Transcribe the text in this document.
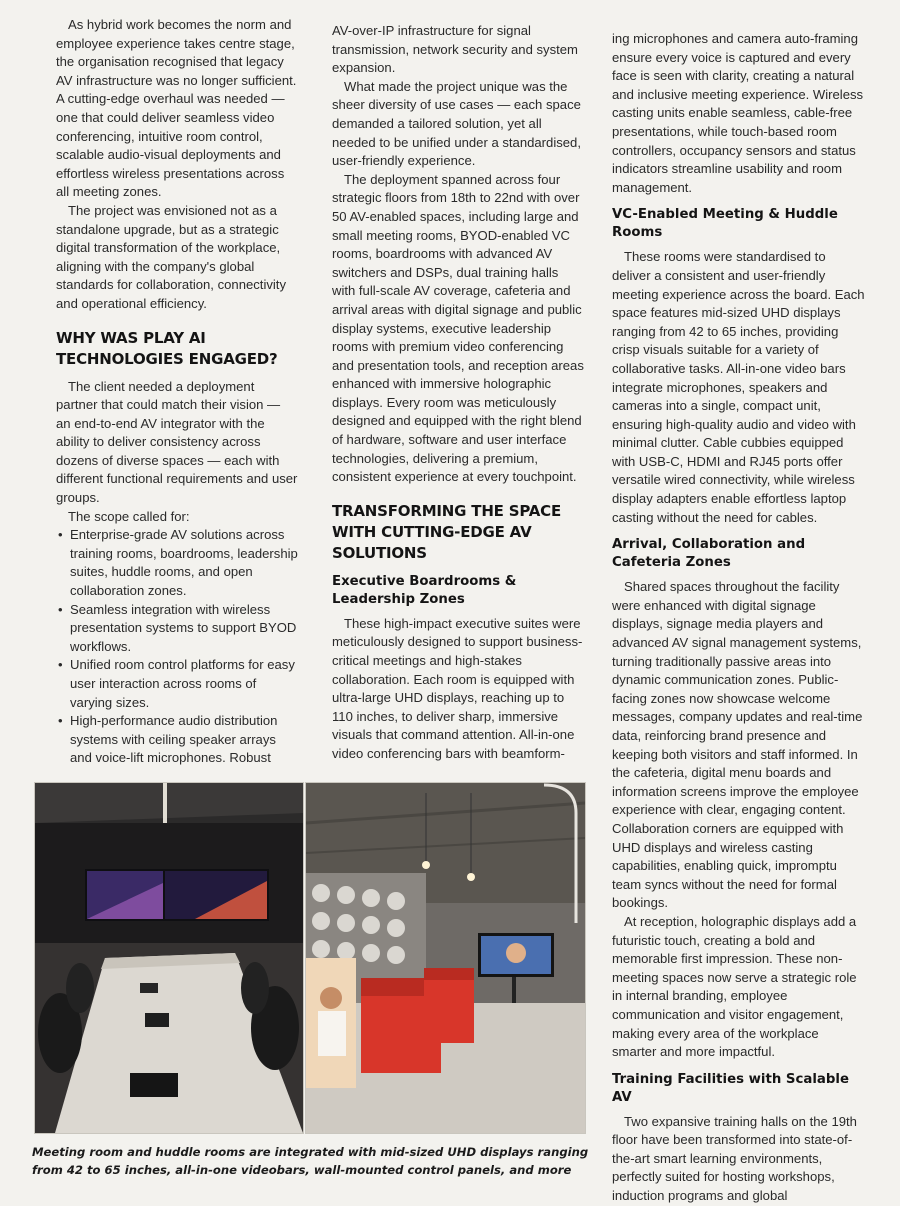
As hybrid work becomes the norm and employee experience takes centre stage, the organisation recognised that legacy AV infrastructure was no longer sufficient. A cutting-edge overhaul was needed — one that could deliver seamless video conferencing, intuitive room control, scalable audio-visual deployments and effortless wireless presentations across all meeting zones.

The project was envisioned not as a standalone upgrade, but as a strategic digital transformation of the workplace, aligning with the company's global standards for collaboration, connectivity and operational efficiency.

WHY WAS PLAY AI TECHNOLOGIES ENGAGED?

The client needed a deployment partner that could match their vision — an end-to-end AV integrator with the ability to deliver consistency across dozens of diverse spaces — each with different functional requirements and user groups.

The scope called for:

• Enterprise-grade AV solutions across training rooms, boardrooms, leadership suites, huddle rooms, and open collaboration zones.
• Seamless integration with wireless presentation systems to support BYOD workflows.
• Unified room control platforms for easy user interaction across rooms of varying sizes.
• High-performance audio distribution systems with ceiling speaker arrays and voice-lift microphones. Robust

AV-over-IP infrastructure for signal transmission, network security and system expansion.

What made the project unique was the sheer diversity of use cases — each space demanded a tailored solution, yet all needed to be unified under a standardised, user-friendly experience.

The deployment spanned across four strategic floors from 18th to 22nd with over 50 AV-enabled spaces, including large and small meeting rooms, BYOD-enabled VC rooms, boardrooms with advanced AV switchers and DSPs, dual training halls with full-scale AV coverage, cafeteria and arrival areas with digital signage and public display systems, executive leadership rooms with premium video conferencing and presentation tools, and reception areas enhanced with immersive holographic displays. Every room was meticulously designed and equipped with the right blend of hardware, software and user interface technologies, delivering a premium, consistent experience at every touchpoint.

TRANSFORMING THE SPACE WITH CUTTING-EDGE AV SOLUTIONS
Executive Boardrooms & Leadership Zones

These high-impact executive suites were meticulously designed to support business-critical meetings and high-stakes collaboration. Each room is equipped with ultra-large UHD displays, reaching up to 110 inches, to deliver sharp, immersive visuals that command attention. All-in-one video conferencing bars with beamform-

ing microphones and camera auto-framing ensure every voice is captured and every face is seen with clarity, creating a natural and inclusive meeting experience. Wireless casting units enable seamless, cable-free presentations, while touch-based room controllers, occupancy sensors and status indicators streamline usability and room management.

VC-Enabled Meeting & Huddle Rooms

These rooms were standardised to deliver a consistent and user-friendly meeting experience across the board. Each space features mid-sized UHD displays ranging from 42 to 65 inches, providing crisp visuals suitable for a variety of collaborative tasks. All-in-one video bars integrate microphones, speakers and cameras into a single, compact unit, ensuring high-quality audio and video with minimal clutter. Cable cubbies equipped with USB-C, HDMI and RJ45 ports offer versatile wired connectivity, while wireless display adapters enable effortless laptop casting without the need for cables.

Arrival, Collaboration and Cafeteria Zones

Shared spaces throughout the facility were enhanced with digital signage displays, signage media players and advanced AV signal management systems, turning traditionally passive areas into dynamic communication zones. Public-facing zones now showcase welcome messages, company updates and real-time data, reinforcing brand presence and keeping both visitors and staff informed. In the cafeteria, digital menu boards and information screens improve the employee experience with clear, engaging content. Collaboration corners are equipped with UHD displays and wireless casting capabilities, enabling quick, impromptu team syncs without the need for formal bookings.

At reception, holographic displays add a futuristic touch, creating a bold and memorable first impression. These non-meeting spaces now serve a strategic role in internal branding, employee communication and visitor engagement, making every area of the workplace smarter and more impactful.

Training Facilities with Scalable AV

Two expansive training halls on the 19th floor have been transformed into state-of-the-art smart learning environments, perfectly suited for hosting workshops, induction programs and global

Meeting room and huddle rooms are integrated with mid-sized UHD displays ranging from 42 to 65 inches, all-in-one videobars, wall-mounted control panels, and more
